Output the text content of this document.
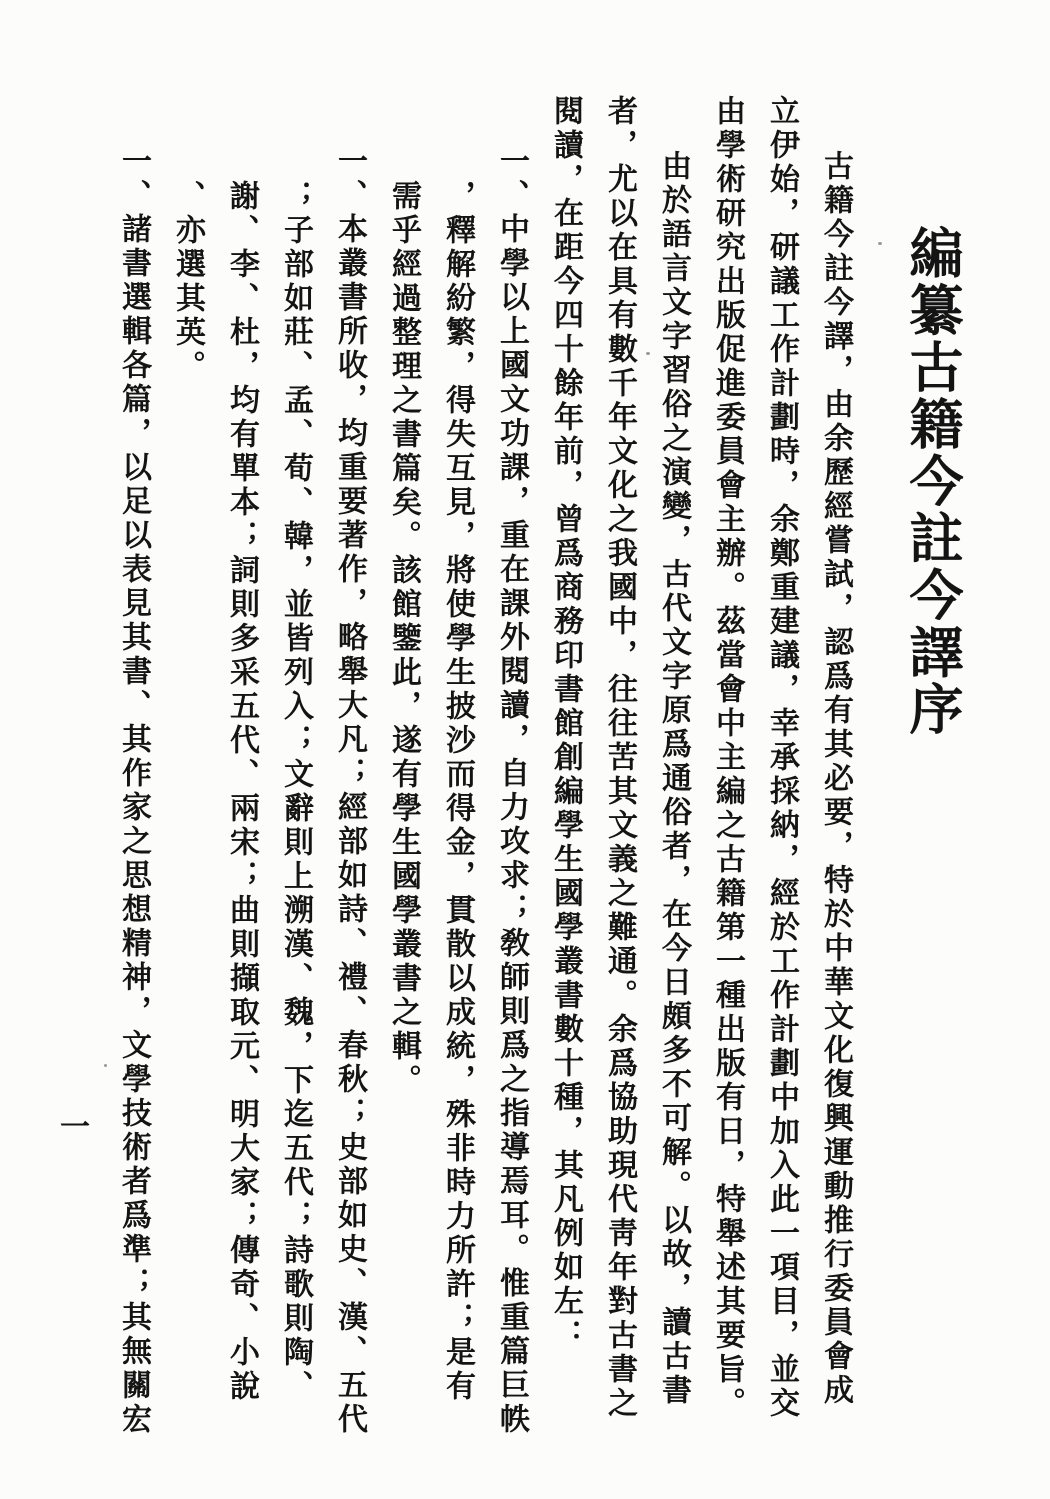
編纂古籍今註今譯序
古籍今註今譯，由余歷經嘗試，認爲有其必要，特於中華文化復興運動推行委員會成
立伊始，研議工作計劃時，余鄭重建議，幸承採納，經於工作計劃中加入此一項目，並交
由學術研究出版促進委員會主辦。茲當會中主編之古籍第一種出版有日，特舉述其要旨。
由於語言文字習俗之演變，古代文字原爲通俗者，在今日頗多不可解。以故，讀古書
者，尤以在具有數千年文化之我國中，往往苦其文義之難通。余爲協助現代靑年對古書之
閱讀，在距今四十餘年前，曾爲商務印書館創編學生國學叢書數十種，其凡例如左：
一、中學以上國文功課，重在課外閱讀，自力攻求；敎師則爲之指導焉耳。惟重篇巨帙
，釋解紛繁，得失互見，將使學生披沙而得金，貫散以成統，殊非時力所許；是有
需乎經過整理之書篇矣。該館鑒此，遂有學生國學叢書之輯。
一、本叢書所收，均重要著作，略舉大凡；經部如詩、禮、春秋；史部如史、漢、五代
；子部如莊、孟、荀、韓，並皆列入；文辭則上溯漢、魏，下迄五代；詩歌則陶、
謝、李、杜，均有單本；詞則多采五代、兩宋；曲則擷取元、明大家；傳奇、小說
、亦選其英。
一、諸書選輯各篇，以足以表見其書、其作家之思想精神，文學技術者爲準；其無關宏
一
